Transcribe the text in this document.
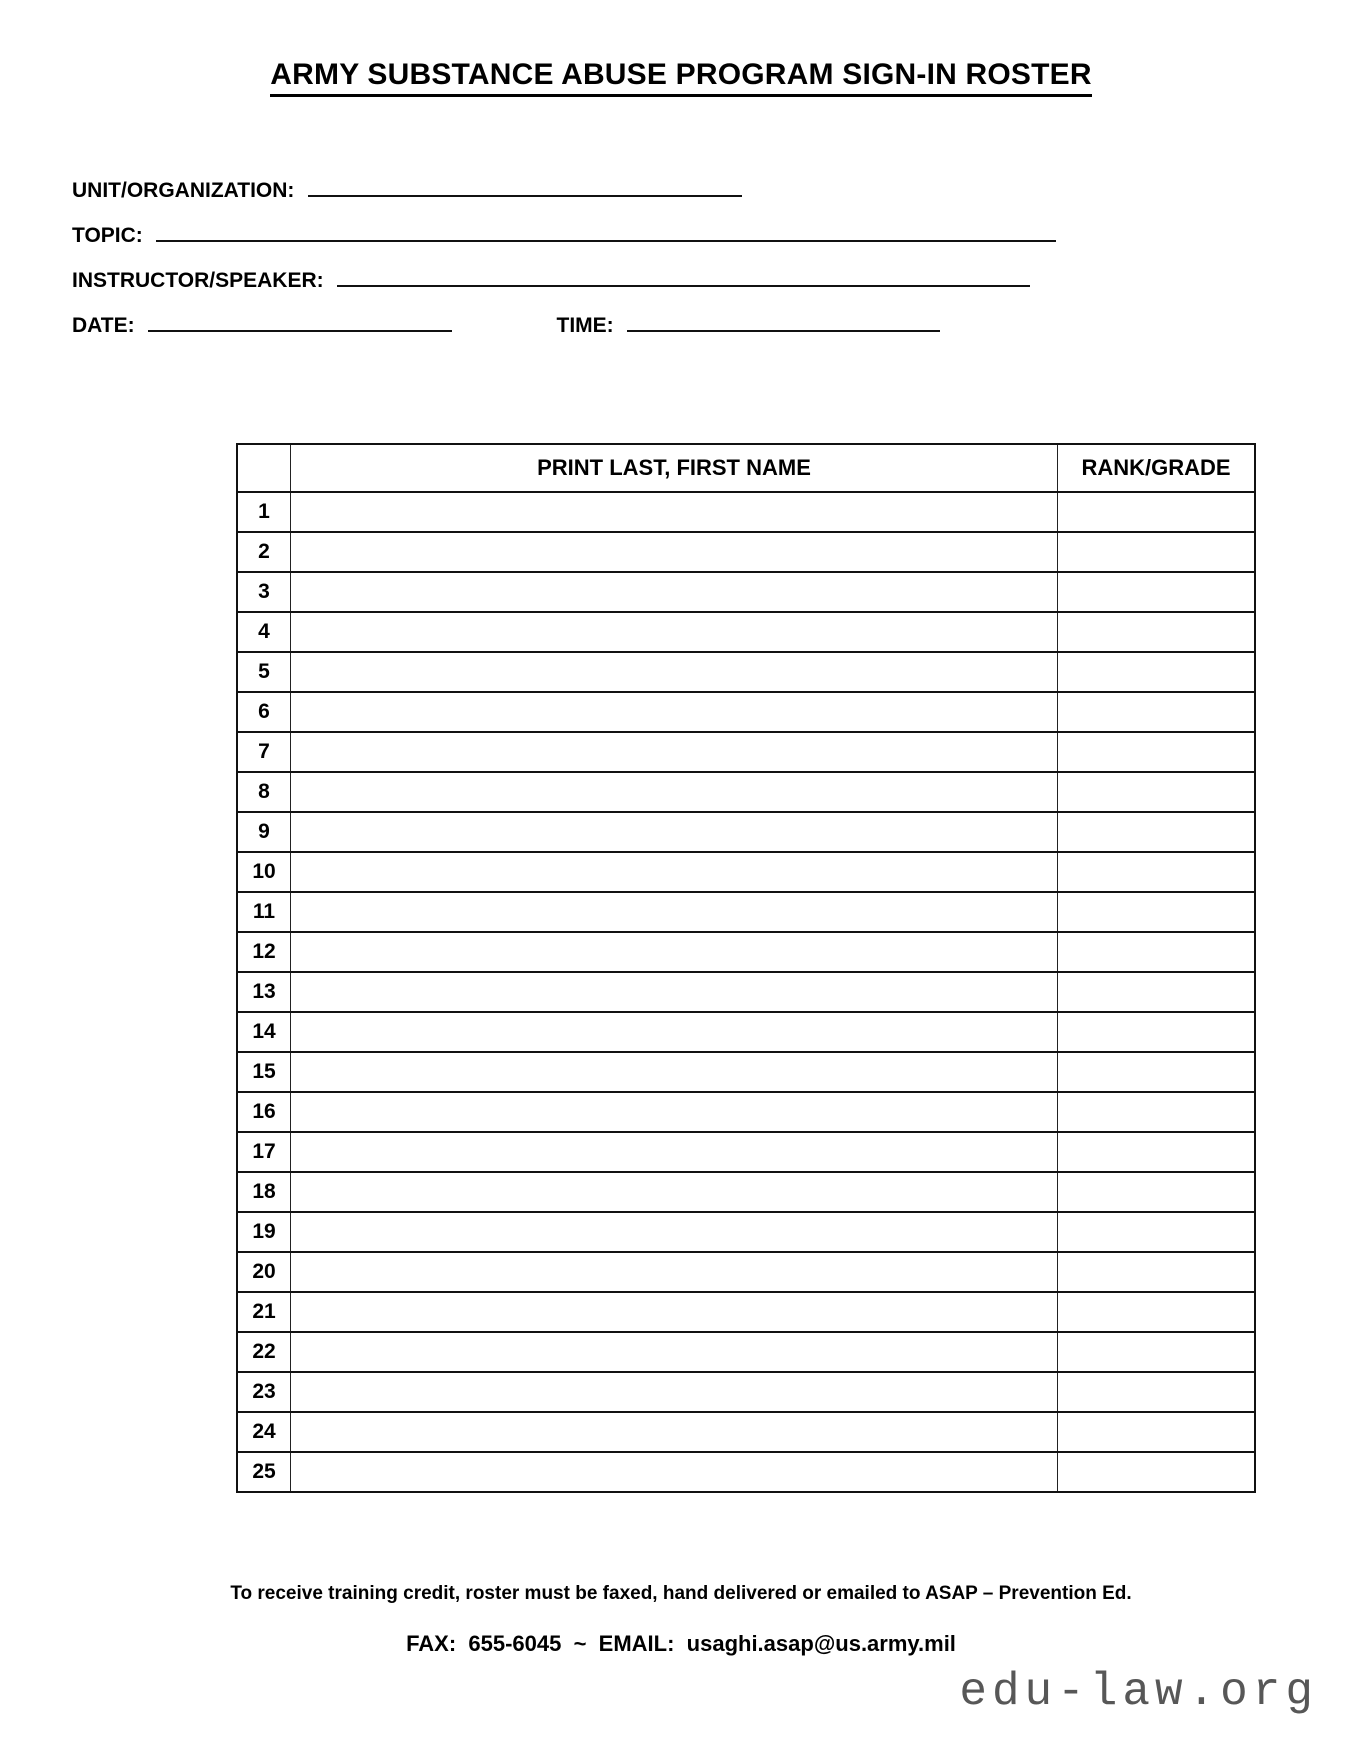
ARMY SUBSTANCE ABUSE PROGRAM SIGN-IN ROSTER
UNIT/ORGANIZATION:
TOPIC:
INSTRUCTOR/SPEAKER:
DATE:	TIME:
	PRINT LAST, FIRST NAME	RANK/GRADE
1		
2		
3		
4		
5		
6		
7		
8		
9		
10		
11		
12		
13		
14		
15		
16		
17		
18		
19		
20		
21		
22		
23		
24		
25		
To receive training credit, roster must be faxed, hand delivered or emailed to ASAP – Prevention Ed.
FAX:  655-6045  ~  EMAIL:  usaghi.asap@us.army.mil
edu-law.org
